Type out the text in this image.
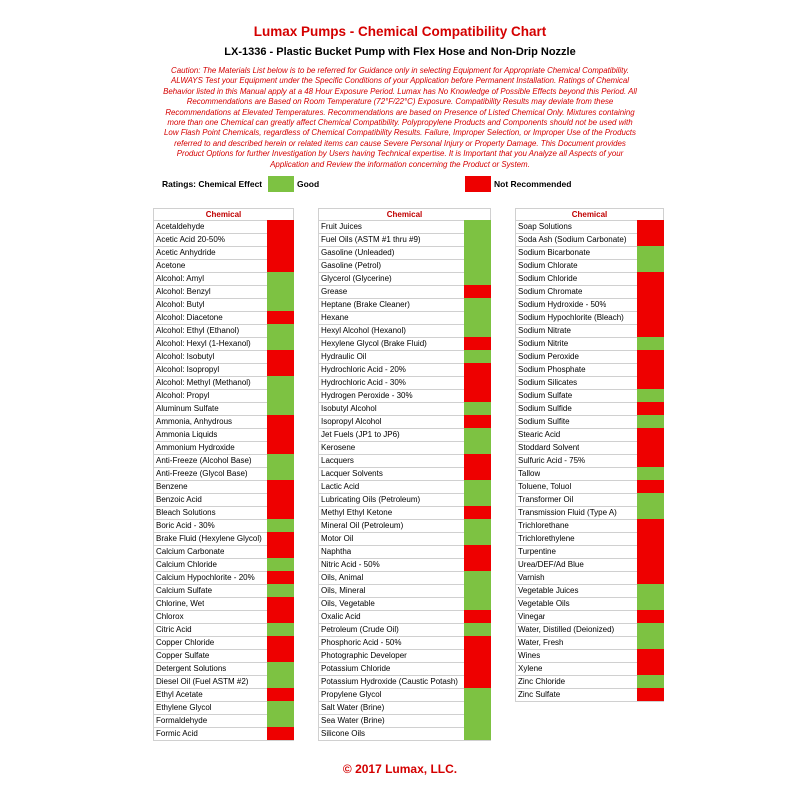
Lumax Pumps - Chemical Compatibility Chart
LX-1336 - Plastic Bucket Pump with Flex Hose and Non-Drip Nozzle
Caution: The Materials List below is to be referred for Guidance only in selecting Equipment for Appropriate Chemical Compatibility. ALWAYS Test your Equipment under the Specific Conditions of your Application before Permanent Installation. Ratings of Chemical Behavior listed in this Manual apply at a 48 Hour Exposure Period. Lumax has No Knowledge of Possible Effects beyond this Period. All Recommendations are Based on Room Temperature (72°F/22°C) Exposure. Compatibility Results may deviate from these Recommendations at Elevated Temperatures. Recommendations are based on Presence of Listed Chemical Only. Mixtures containing more than one Chemical can greatly affect Chemical Compatibility. Polypropylene Products and Components should not be used with Low Flash Point Chemicals, regardless of Chemical Compatibility Results. Failure, Improper Selection, or Improper Use of the Products referred to and described herein or related items can cause Severe Personal Injury or Property Damage. This Document provides Product Options for further Investigation by Users having Technical expertise. It is Important that you Analyze all Aspects of your Application and Review the information concerning the Product or System.
Ratings: Chemical Effect	Good	Not Recommended
Chemical
Acetaldehyde
Acetic Acid 20-50%
Acetic Anhydride
Acetone
Alcohol: Amyl
Alcohol: Benzyl
Alcohol: Butyl
Alcohol: Diacetone
Alcohol: Ethyl (Ethanol)
Alcohol: Hexyl (1-Hexanol)
Alcohol: Isobutyl
Alcohol: Isopropyl
Alcohol: Methyl (Methanol)
Alcohol: Propyl
Aluminum Sulfate
Ammonia, Anhydrous
Ammonia Liquids
Ammonium Hydroxide
Anti-Freeze (Alcohol Base)
Anti-Freeze (Glycol Base)
Benzene
Benzoic Acid
Bleach Solutions
Boric Acid - 30%
Brake Fluid (Hexylene Glycol)
Calcium Carbonate
Calcium Chloride
Calcium Hypochlorite - 20%
Calcium Sulfate
Chlorine, Wet
Chlorox
Citric Acid
Copper Chloride
Copper Sulfate
Detergent Solutions
Diesel Oil (Fuel ASTM #2)
Ethyl Acetate
Ethylene Glycol
Formaldehyde
Formic Acid
Chemical
Fruit Juices
Fuel Oils (ASTM #1 thru #9)
Gasoline (Unleaded)
Gasoline (Petrol)
Glycerol (Glycerine)
Grease
Heptane (Brake Cleaner)
Hexane
Hexyl Alcohol (Hexanol)
Hexylene Glycol (Brake Fluid)
Hydraulic Oil
Hydrochloric Acid - 20%
Hydrochloric Acid - 30%
Hydrogen Peroxide - 30%
Isobutyl Alcohol
Isopropyl Alcohol
Jet Fuels (JP1 to JP6)
Kerosene
Lacquers
Lacquer Solvents
Lactic Acid
Lubricating Oils (Petroleum)
Methyl Ethyl Ketone
Mineral Oil (Petroleum)
Motor Oil
Naphtha
Nitric Acid - 50%
Oils, Animal
Oils, Mineral
Oils, Vegetable
Oxalic Acid
Petroleum (Crude Oil)
Phosphoric Acid - 50%
Photographic Developer
Potassium Chloride
Potassium Hydroxide (Caustic Potash)
Propylene Glycol
Salt Water (Brine)
Sea Water (Brine)
Silicone Oils
Chemical
Soap Solutions
Soda Ash (Sodium Carbonate)
Sodium Bicarbonate
Sodium Chlorate
Sodium Chloride
Sodium Chromate
Sodium Hydroxide - 50%
Sodium Hypochlorite (Bleach)
Sodium Nitrate
Sodium Nitrite
Sodium Peroxide
Sodium Phosphate
Sodium Silicates
Sodium Sulfate
Sodium Sulfide
Sodium Sulfite
Stearic Acid
Stoddard Solvent
Sulfuric Acid - 75%
Tallow
Toluene, Toluol
Transformer Oil
Transmission Fluid (Type A)
Trichlorethane
Trichlorethylene
Turpentine
Urea/DEF/Ad Blue
Varnish
Vegetable Juices
Vegetable Oils
Vinegar
Water, Distilled (Deionized)
Water, Fresh
Wines
Xylene
Zinc Chloride
Zinc Sulfate
© 2017 Lumax, LLC.
